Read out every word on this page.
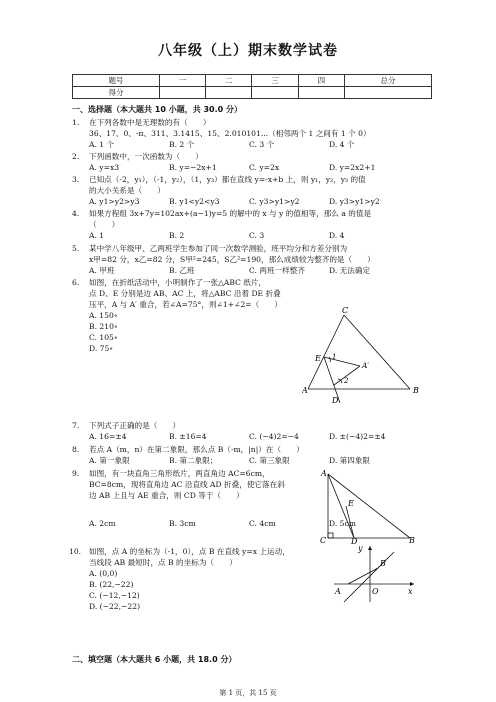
八年级（上）期末数学试卷
题号	一	二	三	四	总分
得分					
一、选择题（本大题共 10 小题，共 30.0 分）
1. 在下列各数中是无理数的有（　　）
36、17、0、-π、311、3.1415、15、2.010101...（相邻两个 1 之间有 1 个 0）
A. 1 个	B. 2 个	C. 3 个	D. 4 个
2. 下列函数中，一次函数为（　　）
A. y=x3	B. y=−2x+1	C. y=2x	D. y=2x2+1
3. 已知点（-2，y₁），（-1，y₂），（1，y₃）都在直线 y=-x+b 上，则 y₁，y₂，y₃ 的值
的大小关系是（　　）
A. y1>y2>y3	B. y1<y2<y3	C. y3>y1>y2	D. y3>y1>y2
4. 如果方程组 3x+7y=102ax+(a−1)y=5 的解中的 x 与 y 的值相等，那么 a 的值是
（　　）
A. 1	B. 2	C. 3	D. 4
5. 某中学八年级甲、乙两班学生参加了同一次数学测验，班平均分和方差分别为
x甲=82 分，x乙=82 分，S甲²=245，S乙²=190，那么成绩较为整齐的是（　　）
A. 甲班	B. 乙班	C. 两班一样整齐	D. 无法确定
6. 如图，在折纸活动中，小明制作了一张△ABC 纸片，
点 D、E 分别是边 AB、AC 上，将△ABC 沿着 DE 折叠
压平，A 与 A′ 重合，若∠A=75°，则∠1+∠2=（　　）
A. 150∘
B. 210∘
C. 105∘
D. 75∘
C
E
A
A′
D
B
1
2
7. 下列式子正确的是（　　）
A. 16=±4	B. ±16=4	C. (−4)2=−4	D. ±(−4)2=±4
8. 若点 A（m，n）在第二象限，那么点 B（-m，|n|）在（　　）
A. 第一象限	B. 第二象限；	C. 第三象限	D. 第四象限
9. 如图，有一块直角三角形纸片，两直角边 AC=6cm，
BC=8cm，现将直角边 AC 沿直线 AD 折叠，使它落在斜
边 AB 上且与 AE 重合，则 CD 等于（　　）
A. 2cm	B. 3cm	C. 4cm	D. 5cm
A
E
C	D	B
10. 如图，点 A 的坐标为（-1，0），点 B 在直线 y=x 上运动，
当线段 AB 最短时，点 B 的坐标为（　　）
A. (0,0)
B. (22,−22)
C. (−12,−12)
D. (−22,−22)
y
B
A	O	x
二、填空题（本大题共 6 小题，共 18.0 分）
第 1 页，共 15 页
